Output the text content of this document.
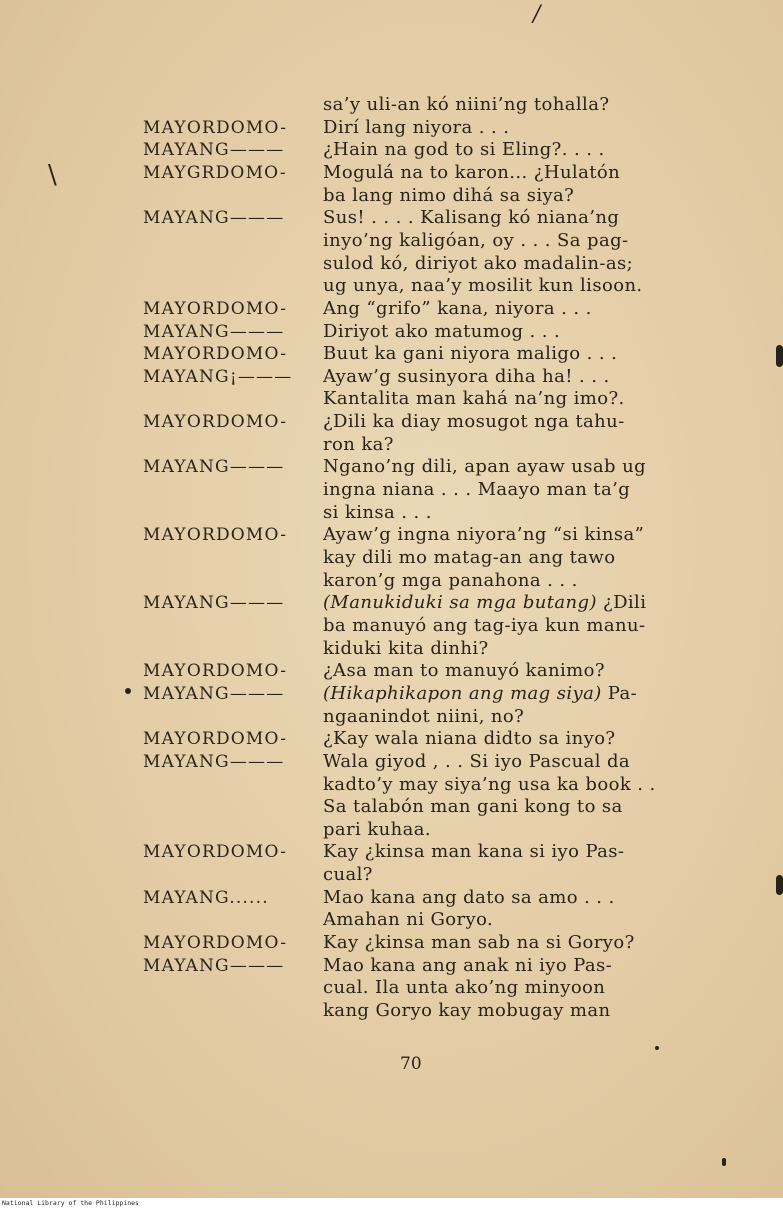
/
\
sa’y uli-an kó niini’ng tohalla?
MAYORDOMO- Dirí lang niyora . . .
MAYANG——— ¿Hain na god to si Eling?. . . .
MAYGRDOMO- Mogulá na to karon... ¿Hulatón
ba lang nimo dihá sa siya?
MAYANG——— Sus! . . . . Kalisang kó niana’ng
inyo’ng kaligóan, oy . . . Sa pag-
sulod kó, diriyot ako madalin-as;
ug unya, naa’y mosilit kun lisoon.
MAYORDOMO- Ang “grifo” kana, niyora . . .
MAYANG——— Diriyot ako matumog . . .
MAYORDOMO- Buut ka gani niyora maligo . . .
MAYANG¡——— Ayaw’g susinyora diha ha! . . .
Kantalita man kahá na’ng imo?.
MAYORDOMO- ¿Dili ka diay mosugot nga tahu-
ron ka?
MAYANG——— Ngano’ng dili, apan ayaw usab ug
ingna niana . . . Maayo man ta’g
si kinsa . . .
MAYORDOMO- Ayaw’g ingna niyora’ng “si kinsa”
kay dili mo matag-an ang tawo
karon’g mga panahona . . .
MAYANG——— (Manukiduki sa mga butang) ¿Dili
ba manuyó ang tag-iya kun manu-
kiduki kita dinhi?
MAYORDOMO- ¿Asa man to manuyó kanimo?
MAYANG——— (Hikaphikapon ang mag siya) Pa-
ngaanindot niini, no?
MAYORDOMO- ¿Kay wala niana didto sa inyo?
MAYANG——— Wala giyod , . . Si iyo Pascual da
kadto’y may siya’ng usa ka book . .
Sa talabón man gani kong to sa
pari kuhaa.
MAYORDOMO- Kay ¿kinsa man kana si iyo Pas-
cual?
MAYANG......	Mao kana ang dato sa amo . . .
Amahan ni Goryo.
MAYORDOMO- Kay ¿kinsa man sab na si Goryo?
MAYANG——— Mao kana ang anak ni iyo Pas-
cual. Ila unta ako’ng minyoon
kang Goryo kay mobugay man
70
National Library of the Philippines
